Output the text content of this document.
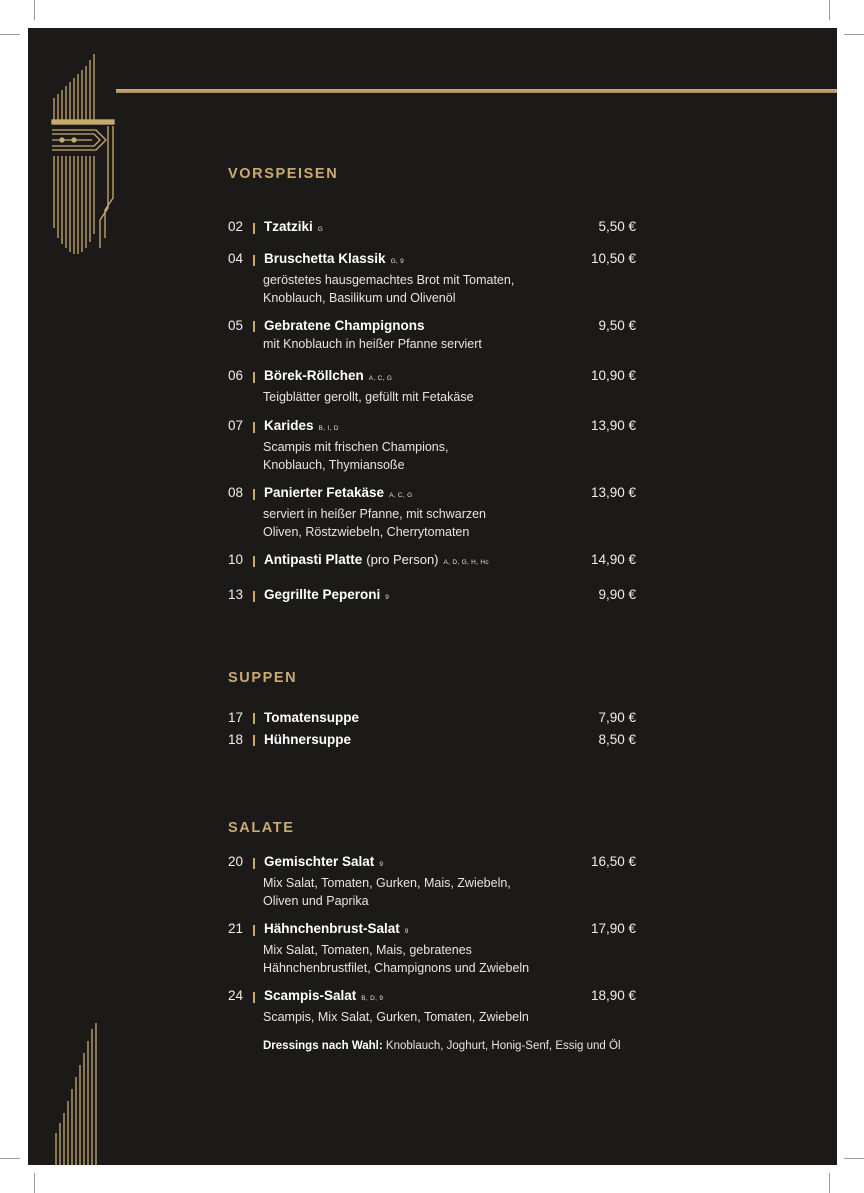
VORSPEISEN
02	Tzatziki G	5,50 €
04	Bruschetta Klassik G, 9	10,50 €
geröstetes hausgemachtes Brot mit Tomaten,
Knoblauch, Basilikum und Olivenöl
05	Gebratene Champignons	9,50 €
mit Knoblauch in heißer Pfanne serviert
06	Börek-Röllchen A, C, G	10,90 €
Teigblätter gerollt, gefüllt mit Fetakäse
07	Karides B, I, D	13,90 €
Scampis mit frischen Champions,
Knoblauch, Thymiansoße
08	Panierter Fetakäse A, C, G	13,90 €
serviert in heißer Pfanne, mit schwarzen
Oliven, Röstzwiebeln, Cherrytomaten
10	Antipasti Platte (pro Person) A, D, G, H, Hc	14,90 €
13	Gegrillte Peperoni 9	9,90 €
SUPPEN
17	Tomatensuppe	7,90 €
18	Hühnersuppe	8,50 €
SALATE
20	Gemischter Salat 9	16,50 €
Mix Salat, Tomaten, Gurken, Mais, Zwiebeln,
Oliven und Paprika
21	Hähnchenbrust-Salat 9	17,90 €
Mix Salat, Tomaten, Mais, gebratenes
Hähnchenbrustfilet, Champignons und Zwiebeln
24	Scampis-Salat B, D, 9	18,90 €
Scampis, Mix Salat, Gurken, Tomaten, Zwiebeln
Dressings nach Wahl: Knoblauch, Joghurt, Honig-Senf, Essig und Öl
